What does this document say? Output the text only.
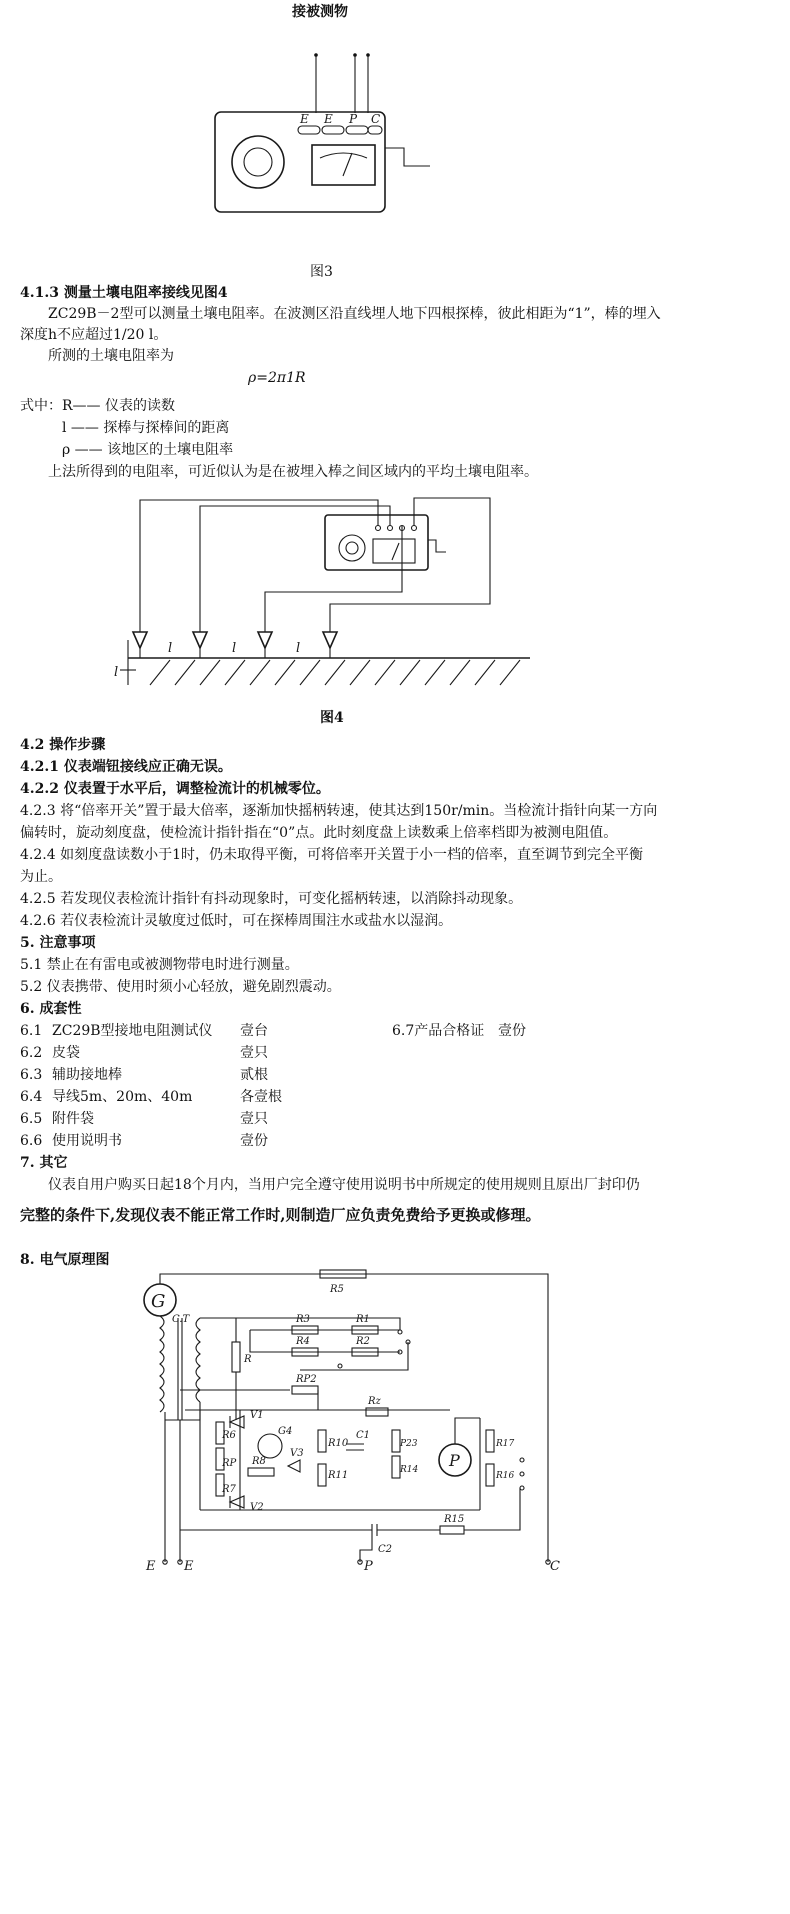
接被测物
E E P C
图3
4.1.3 测量土壤电阻率接线见图4
ZC29B－2型可以测量土壤电阻率。在波测区沿直线埋人地下四根探棒，彼此相距为“1”，棒的埋入
深度h不应超过1/20 l。
所测的土壤电阻率为
ρ=2π1R
式中：R—— 仪表的读数
l —— 探棒与探棒间的距离
ρ —— 该地区的土壤电阻率
上法所得到的电阻率，可近似认为是在被埋入棒之间区域内的平均土壤电阻率。
l	l	l
l
图4
4.2 操作步骤
4.2.1 仪表端钮接线应正确无误。
4.2.2 仪表置于水平后，调整检流计的机械零位。
4.2.3 将“倍率开关”置于最大倍率，逐渐加快摇柄转速，使其达到150r/min。当检流计指针向某一方向
偏转时，旋动刻度盘，使检流计指针指在“0”点。此时刻度盘上读数乘上倍率档即为被测电阻值。
4.2.4 如刻度盘读数小于1时，仍未取得平衡，可将倍率开关置于小一档的倍率，直至调节到完全平衡
为止。
4.2.5 若发现仪表检流计指针有抖动现象时，可变化摇柄转速，以消除抖动现象。
4.2.6 若仪表检流计灵敏度过低时，可在探棒周围注水或盐水以湿润。
5. 注意事项
5.1 禁止在有雷电或被测物带电时进行测量。
5.2 仪表携带、使用时须小心轻放，避免剧烈震动。
6. 成套性
6.1 ZC29B型接地电阻测试仪 壹台	6.7产品合格证 壹份
6.2 皮袋	壹只
6.3 辅助接地棒	贰根
6.4 导线5m、20m、40m	各壹根
6.5 附件袋	壹只
6.6 使用说明书	壹份
7. 其它
仪表自用户购买日起18个月内，当用户完全遵守使用说明书中所规定的使用规则且原出厂封印仍
完整的条件下,发现仪表不能正常工作时,则制造厂应负责免费给予更换或修理。
8. 电气原理图
G
R5
C.T
R
R3	R1
R4	R2
RP2
R6
RP
R7
V1
G4
R8
V3
Rz
R10
R11
C1
P23
R14 P
R17
R16
V2
C2
R15
E E	P	C
